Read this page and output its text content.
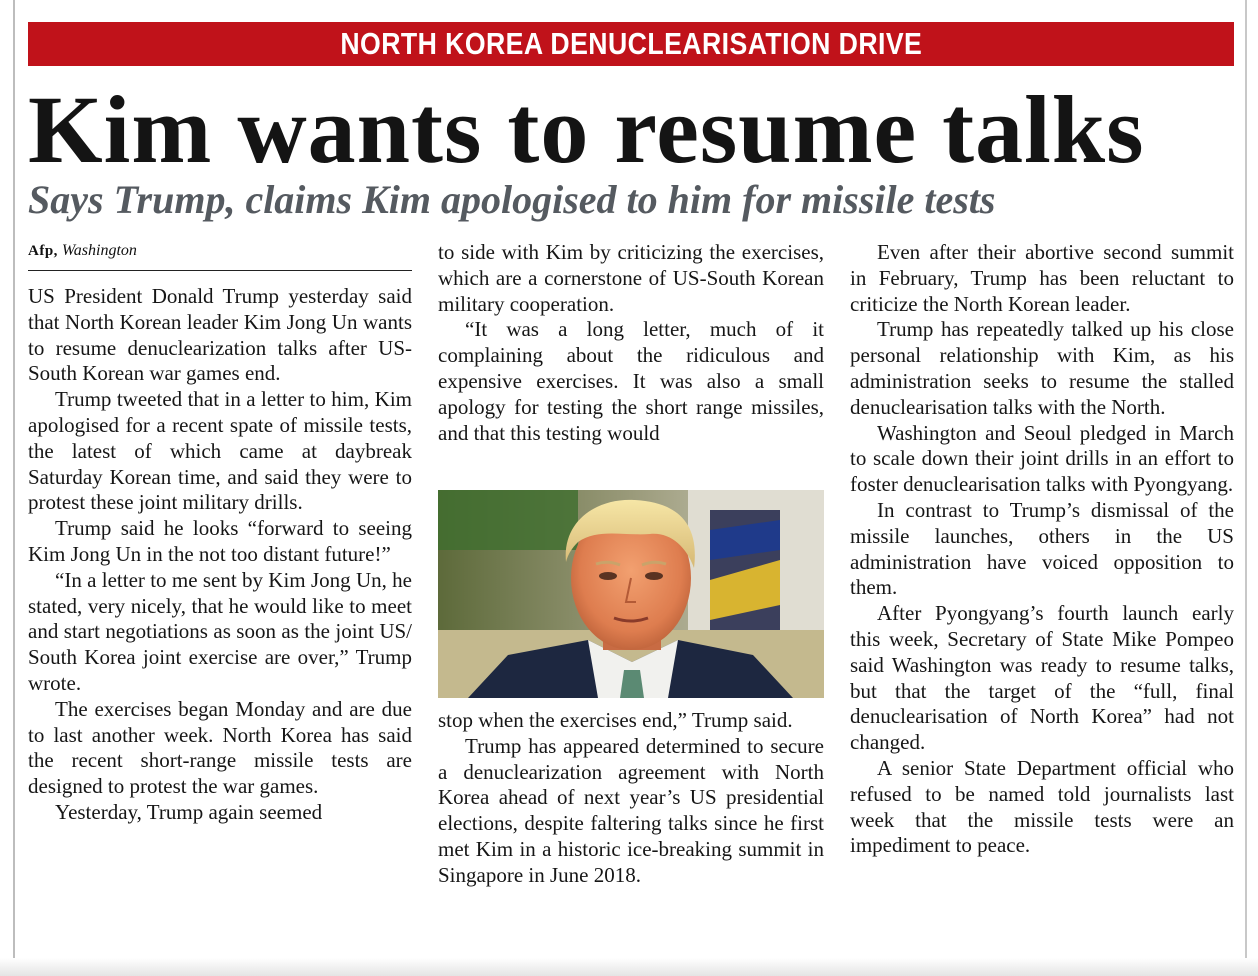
NORTH KOREA DENUCLEARISATION DRIVE
Kim wants to resume talks
Says Trump, claims Kim apologised to him for missile tests
Afp, Washington

US President Donald Trump yesterday said that North Korean leader Kim Jong Un wants to resume denuclearization talks after US-South Korean war games end.

Trump tweeted that in a letter to him, Kim apologised for a recent spate of missile tests, the latest of which came at daybreak Saturday Korean time, and said they were to protest these joint military drills.

Trump said he looks “forward to seeing Kim Jong Un in the not too distant future!”

“In a letter to me sent by Kim Jong Un, he stated, very nicely, that he would like to meet and start negotiations as soon as the joint US/ South Korea joint exercise are over,” Trump wrote.

The exercises began Monday and are due to last another week. North Korea has said the recent short-range missile tests are designed to protest the war games.

Yesterday, Trump again seemed

to side with Kim by criticizing the exercises, which are a cornerstone of US-South Korean military cooperation.

“It was a long letter, much of it complaining about the ridiculous and expensive exercises. It was also a small apology for testing the short range missiles, and that this testing would

stop when the exercises end,” Trump said.

Trump has appeared determined to secure a denuclearization agreement with North Korea ahead of next year’s US presidential elections, despite faltering talks since he first met Kim in a historic ice-breaking summit in Singapore in June 2018.

Even after their abortive second summit in February, Trump has been reluctant to criticize the North Korean leader.

Trump has repeatedly talked up his close personal relationship with Kim, as his administration seeks to resume the stalled denuclearisation talks with the North.

Washington and Seoul pledged in March to scale down their joint drills in an effort to foster denuclearisation talks with Pyongyang.

In contrast to Trump’s dismissal of the missile launches, others in the US administration have voiced opposition to them.

After Pyongyang’s fourth launch early this week, Secretary of State Mike Pompeo said Washington was ready to resume talks, but that the target of the “full, final denuclearisation of North Korea” had not changed.

A senior State Department official who refused to be named told journalists last week that the missile tests were an impediment to peace.
